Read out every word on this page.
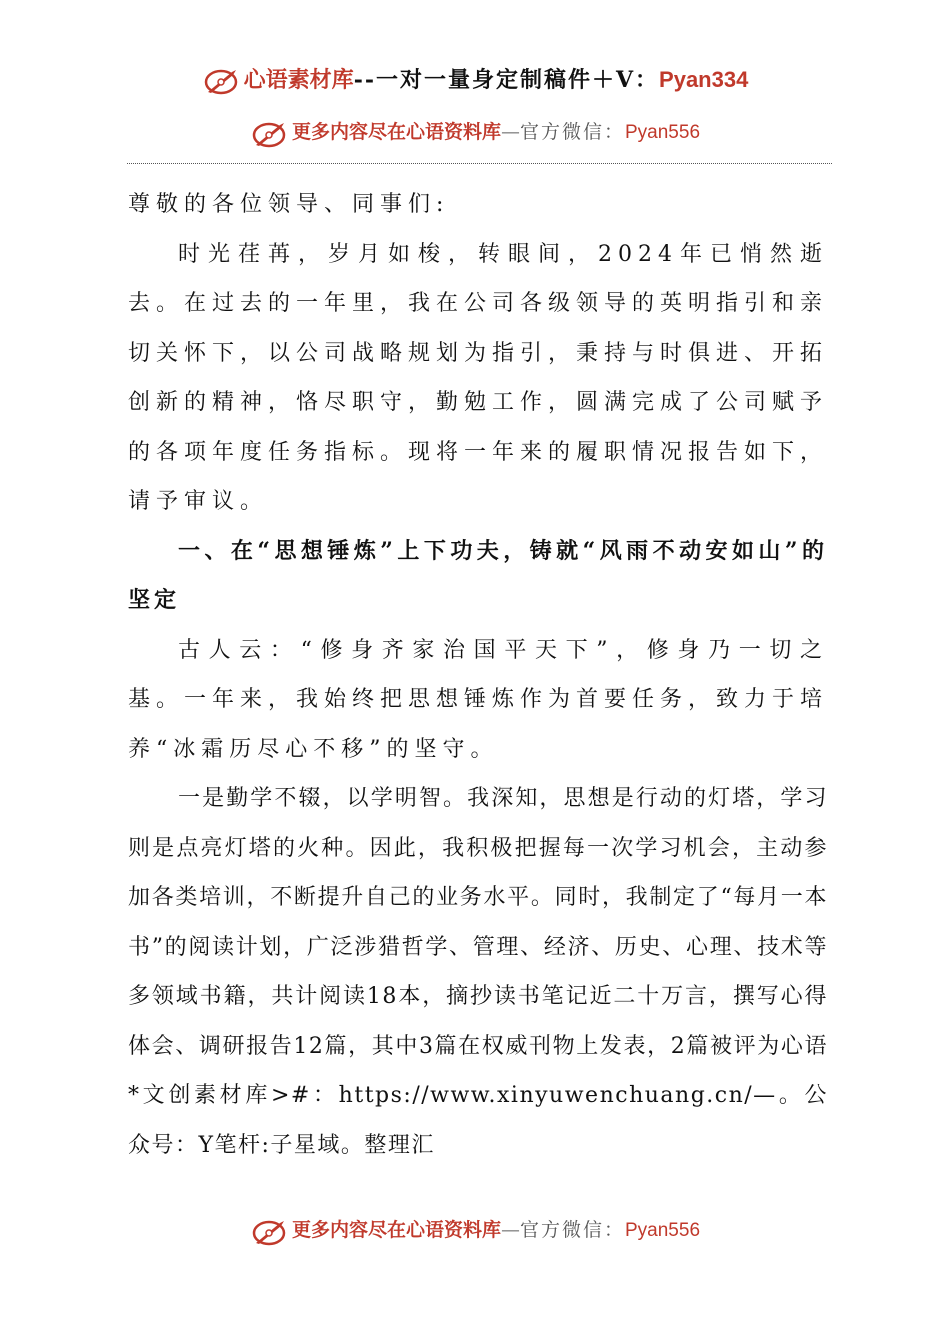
心语素材库--一对一量身定制稿件＋V：Pyan334
更多内容尽在心语资料库—官方微信：Pyan556

尊敬的各位领导、同事们:

时光荏苒，岁月如梭，转眼间，2024年已悄然逝去。在过去的一年里，我在公司各级领导的英明指引和亲切关怀下，以公司战略规划为指引，秉持与时俱进、开拓创新的精神，恪尽职守，勤勉工作，圆满完成了公司赋予的各项年度任务指标。现将一年来的履职情况报告如下，请予审议。

一、在“思想锤炼”上下功夫，铸就“风雨不动安如山”的坚定

古人云：“修身齐家治国平天下”，修身乃一切之基。一年来，我始终把思想锤炼作为首要任务，致力于培养“冰霜历尽心不移”的坚守。

一是勤学不辍，以学明智。我深知，思想是行动的灯塔，学习则是点亮灯塔的火种。因此，我积极把握每一次学习机会，主动参加各类培训，不断提升自己的业务水平。同时，我制定了“每月一本书”的阅读计划，广泛涉猎哲学、管理、经济、历史、心理、技术等多领域书籍，共计阅读18本，摘抄读书笔记近二十万言，撰写心得体会、调研报告12篇，其中3篇在权威刊物上发表，2篇被评为心语*文创素材库>#：https://www.xinyuwenchuang.cn/—。公众号：Y笔杆:子星域。整理汇

更多内容尽在心语资料库—官方微信：Pyan556
